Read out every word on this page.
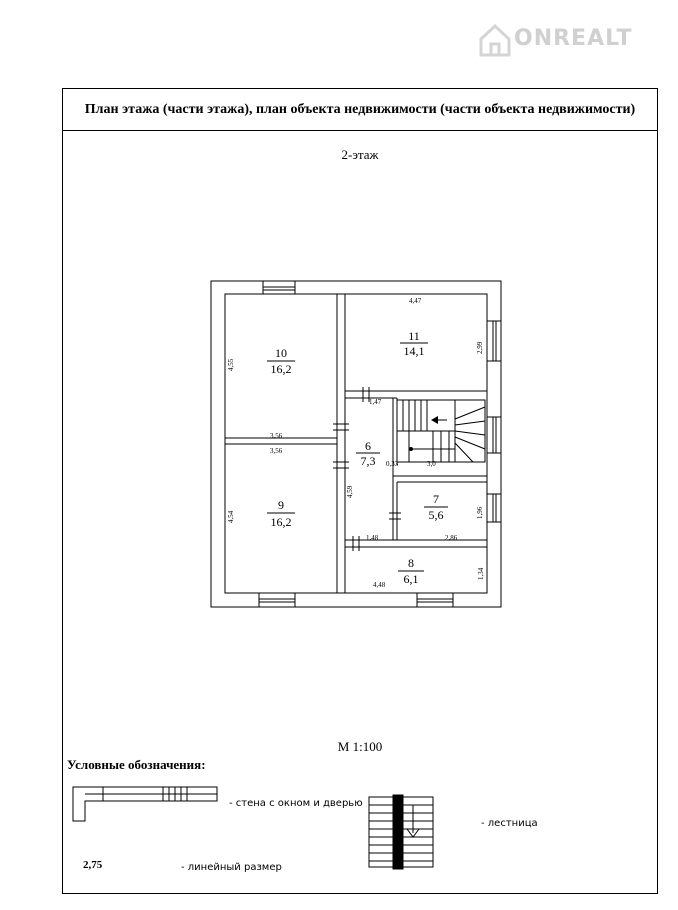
ONREALT
План этажа (части этажа), план объекта недвижимости (части объекта недвижимости)
2-этаж
10
16,2
11
14,1
6
7,3
7
5,6
9
16,2
8
6,1
4,47
4,55
2,99
1,47
3,56
3,56
0,33	3,0
4,59
4,54	1,96
1,48	2,86
1,34
4,48
М 1:100
Условные обозначения:
- стена с окном и дверью
- лестница
2,75	- линейный размер
